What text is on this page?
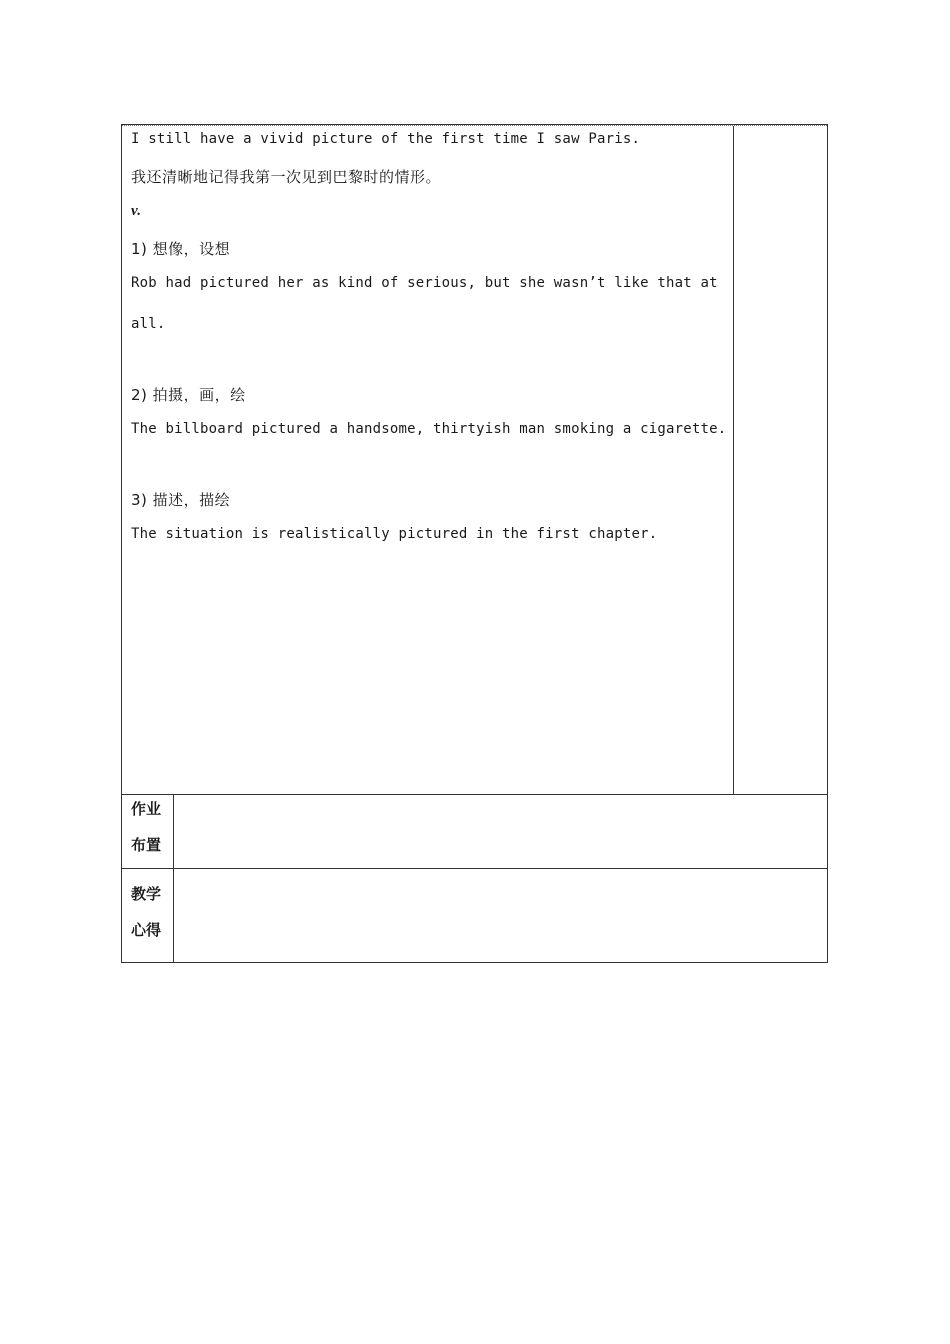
I still have a vivid picture of the first time I saw Paris.
我还清晰地记得我第一次见到巴黎时的情形。
v.
1) 想像，设想
Rob had pictured her as kind of serious, but she wasn’t like that at
all.
2) 拍摄，画，绘
The billboard pictured a handsome, thirtyish man smoking a cigarette.
3) 描述，描绘
The situation is realistically pictured in the first chapter.
作业
布置
教学
心得
